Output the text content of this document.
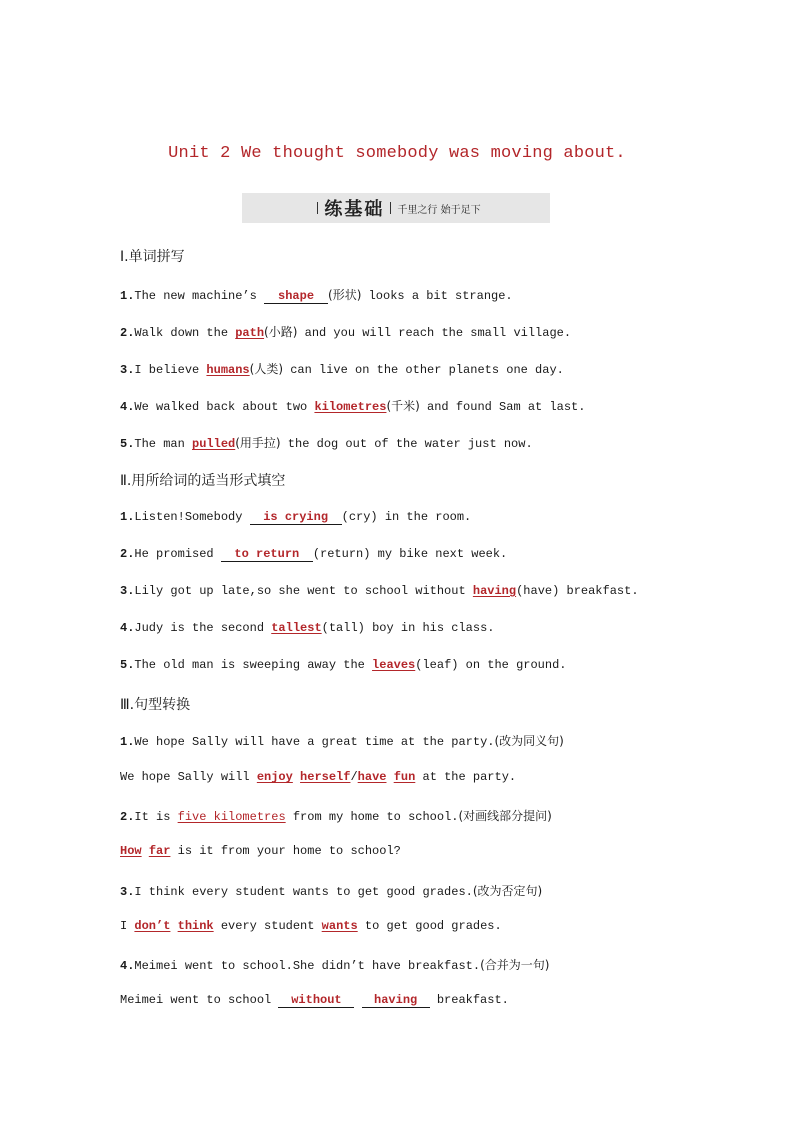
Unit 2 We thought somebody was moving about.
练基础 千里之行 始于足下
Ⅰ.单词拼写
1.The new machine’s shape (形状) looks a bit strange.
2.Walk down the path(小路) and you will reach the small village.
3.I believe humans(人类) can live on the other planets one day.
4.We walked back about two kilometres(千米) and found Sam at last.
5.The man pulled(用手拉) the dog out of the water just now.
Ⅱ.用所给词的适当形式填空
1.Listen!Somebody is crying (cry) in the room.
2.He promised to return (return) my bike next week.
3.Lily got up late,so she went to school without having(have) breakfast.
4.Judy is the second tallest(tall) boy in his class.
5.The old man is sweeping away the leaves(leaf) on the ground.
Ⅲ.句型转换
1.We hope Sally will have a great time at the party.(改为同义句)
We hope Sally will enjoy herself/have fun at the party.
2.It is five kilometres from my home to school.(对画线部分提问)
How far is it from your home to school?
3.I think every student wants to get good grades.(改为否定句)
I don’t think every student wants to get good grades.
4.Meimei went to school.She didn’t have breakfast.(合并为一句)
Meimei went to school without	having breakfast.
